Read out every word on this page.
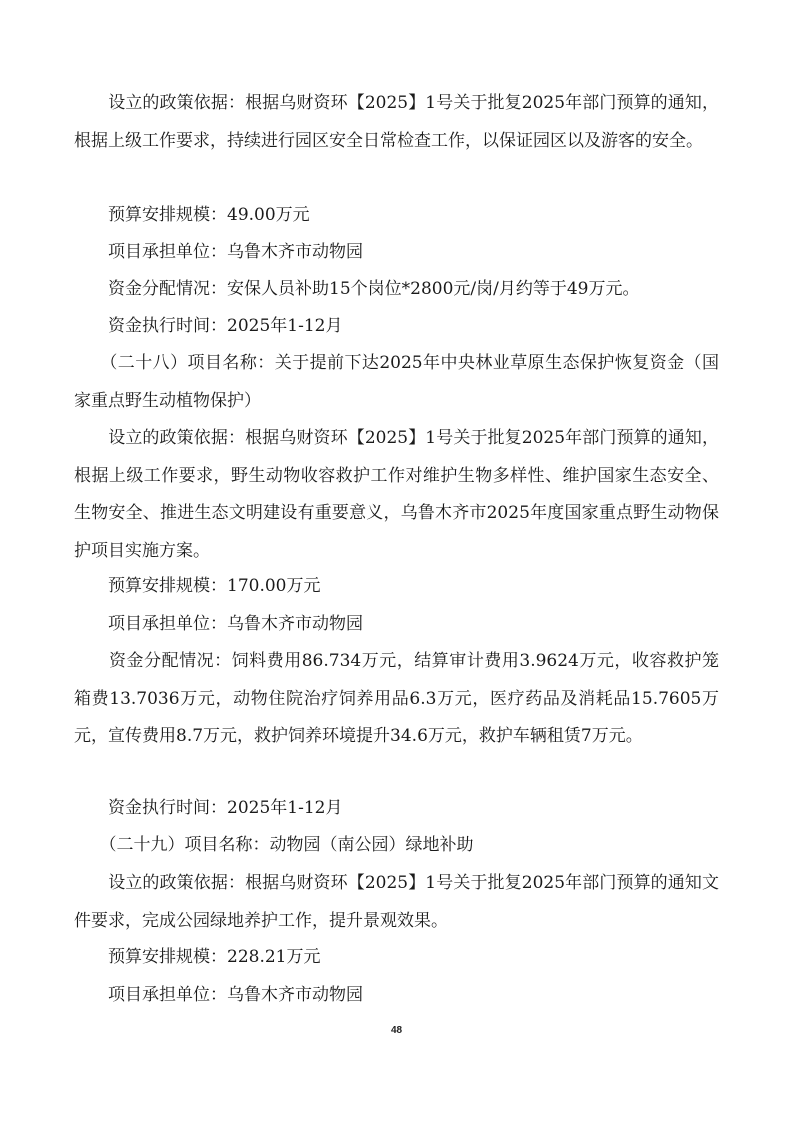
　　设立的政策依据：根据乌财资环【2025】1号关于批复2025年部门预算的通知，根据上级工作要求，持续进行园区安全日常检查工作，以保证园区以及游客的安全。

　　预算安排规模：49.00万元

　　项目承担单位：乌鲁木齐市动物园

　　资金分配情况：安保人员补助15个岗位*2800元/岗/月约等于49万元。

　　资金执行时间：2025年1-12月

　　（二十八）项目名称：关于提前下达2025年中央林业草原生态保护恢复资金（国家重点野生动植物保护）

　　设立的政策依据：根据乌财资环【2025】1号关于批复2025年部门预算的通知，根据上级工作要求，野生动物收容救护工作对维护生物多样性、维护国家生态安全、生物安全、推进生态文明建设有重要意义，乌鲁木齐市2025年度国家重点野生动物保护项目实施方案。

　　预算安排规模：170.00万元

　　项目承担单位：乌鲁木齐市动物园

　　资金分配情况：饲料费用86.734万元，结算审计费用3.9624万元，收容救护笼箱费13.7036万元，动物住院治疗饲养用品6.3万元，医疗药品及消耗品15.7605万元，宣传费用8.7万元，救护饲养环境提升34.6万元，救护车辆租赁7万元。

　　资金执行时间：2025年1-12月

　　（二十九）项目名称：动物园（南公园）绿地补助

　　设立的政策依据：根据乌财资环【2025】1号关于批复2025年部门预算的通知文件要求，完成公园绿地养护工作，提升景观效果。

　　预算安排规模：228.21万元

　　项目承担单位：乌鲁木齐市动物园

48
